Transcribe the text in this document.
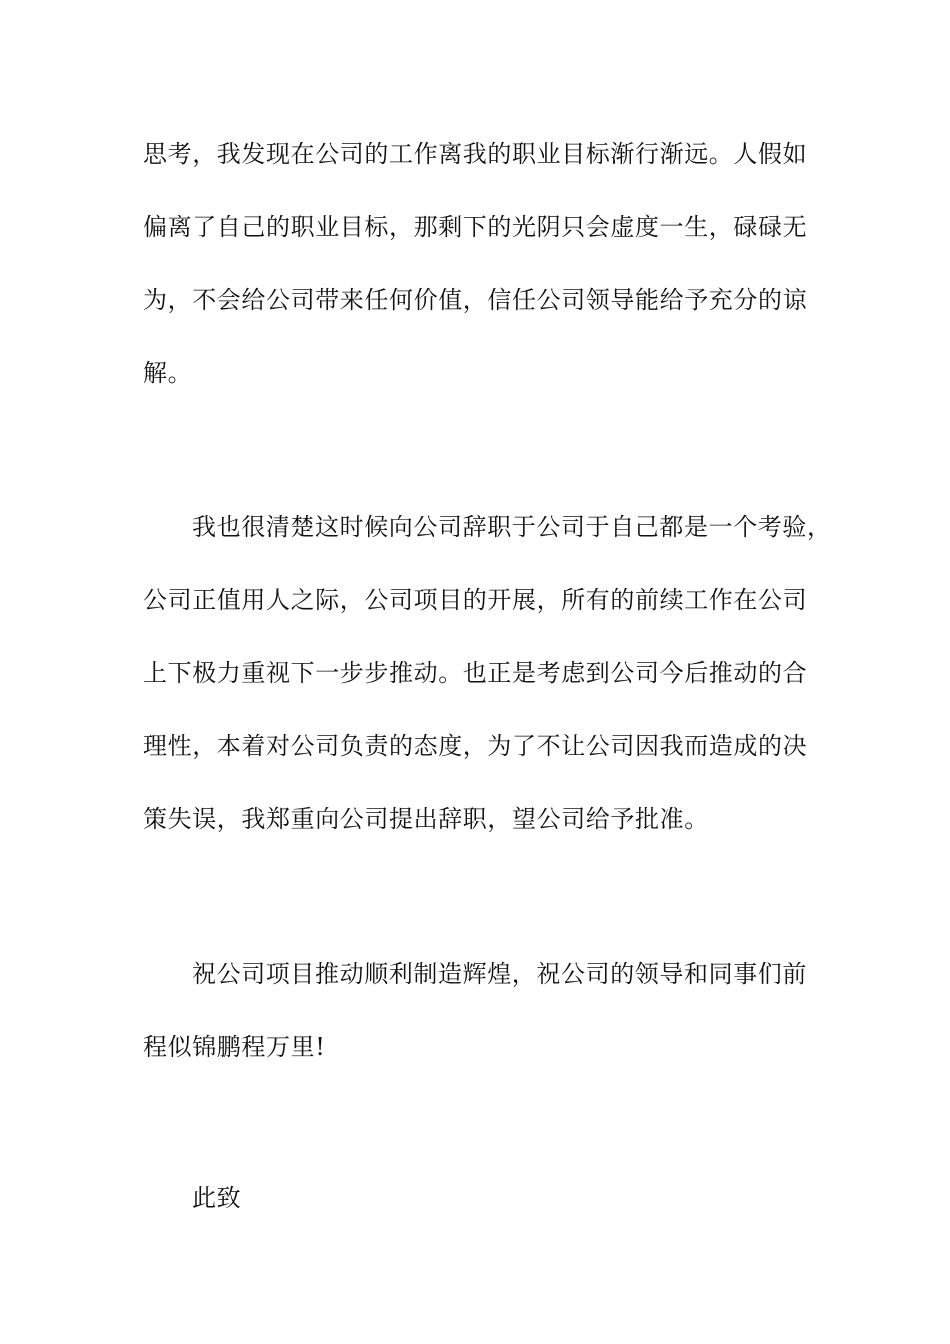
思考，我发现在公司的工作离我的职业目标渐行渐远。人假如
偏离了自己的职业目标，那剩下的光阴只会虚度一生，碌碌无
为，不会给公司带来任何价值，信任公司领导能给予充分的谅
解。
我也很清楚这时候向公司辞职于公司于自己都是一个考验，
公司正值用人之际，公司项目的开展，所有的前续工作在公司
上下极力重视下一步步推动。也正是考虑到公司今后推动的合
理性，本着对公司负责的态度，为了不让公司因我而造成的决
策失误，我郑重向公司提出辞职，望公司给予批准。
祝公司项目推动顺利制造辉煌，祝公司的领导和同事们前
程似锦鹏程万里!
此致
